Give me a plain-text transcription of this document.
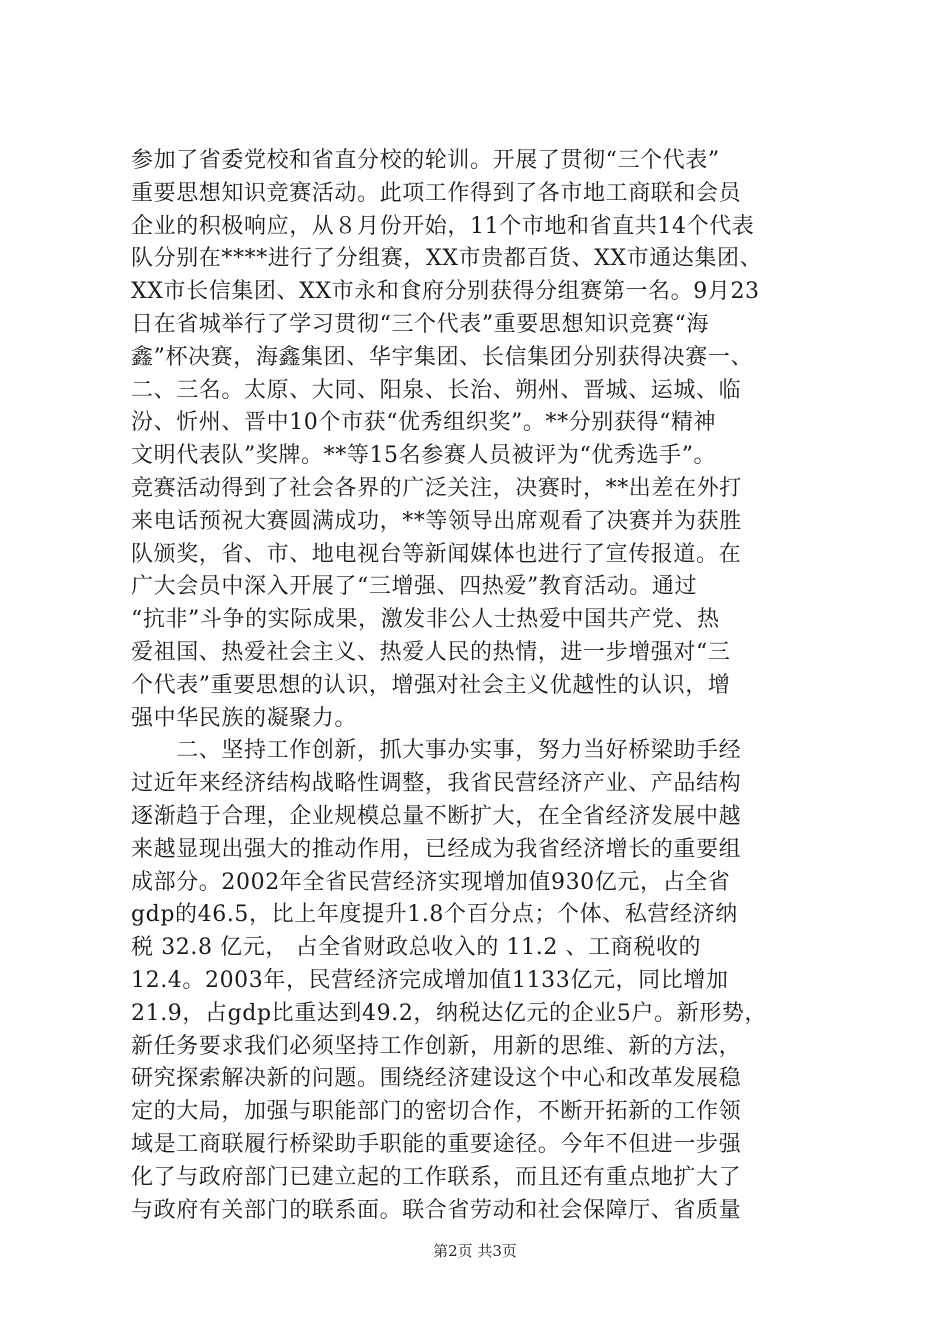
参加了省委党校和省直分校的轮训。开展了贯彻“三个代表”
重要思想知识竞赛活动。此项工作得到了各市地工商联和会员
企业的积极响应，从８月份开始，11个市地和省直共14个代表
队分别在****进行了分组赛，XX市贵都百货、XX市通达集团、
XX市长信集团、XX市永和食府分别获得分组赛第一名。9月23
日在省城举行了学习贯彻“三个代表”重要思想知识竞赛“海
鑫”杯决赛，海鑫集团、华宇集团、长信集团分别获得决赛一、
二、三名。太原、大同、阳泉、长治、朔州、晋城、运城、临
汾、忻州、晋中10个市获“优秀组织奖”。**分别获得“精神
文明代表队”奖牌。**等15名参赛人员被评为“优秀选手”。
竞赛活动得到了社会各界的广泛关注，决赛时，**出差在外打
来电话预祝大赛圆满成功，**等领导出席观看了决赛并为获胜
队颁奖，省、市、地电视台等新闻媒体也进行了宣传报道。在
广大会员中深入开展了“三增强、四热爱”教育活动。通过
“抗非”斗争的实际成果，激发非公人士热爱中国共产党、热
爱祖国、热爱社会主义、热爱人民的热情，进一步增强对“三
个代表”重要思想的认识，增强对社会主义优越性的认识，增
强中华民族的凝聚力。
　　二、坚持工作创新，抓大事办实事，努力当好桥梁助手经
过近年来经济结构战略性调整，我省民营经济产业、产品结构
逐渐趋于合理，企业规模总量不断扩大，在全省经济发展中越
来越显现出强大的推动作用，已经成为我省经济增长的重要组
成部分。2002年全省民营经济实现增加值930亿元，占全省
gdp的46.5，比上年度提升1.8个百分点；个体、私营经济纳
税 32.8 亿元， 占全省财政总收入的 11.2 、工商税收的
12.4。2003年，民营经济完成增加值1133亿元，同比增加
21.9，占gdp比重达到49.2，纳税达亿元的企业5户。新形势，
新任务要求我们必须坚持工作创新，用新的思维、新的方法，
研究探索解决新的问题。围绕经济建设这个中心和改革发展稳
定的大局，加强与职能部门的密切合作，不断开拓新的工作领
域是工商联履行桥梁助手职能的重要途径。今年不但进一步强
化了与政府部门已建立起的工作联系，而且还有重点地扩大了
与政府有关部门的联系面。联合省劳动和社会保障厅、省质量
第2页 共3页
